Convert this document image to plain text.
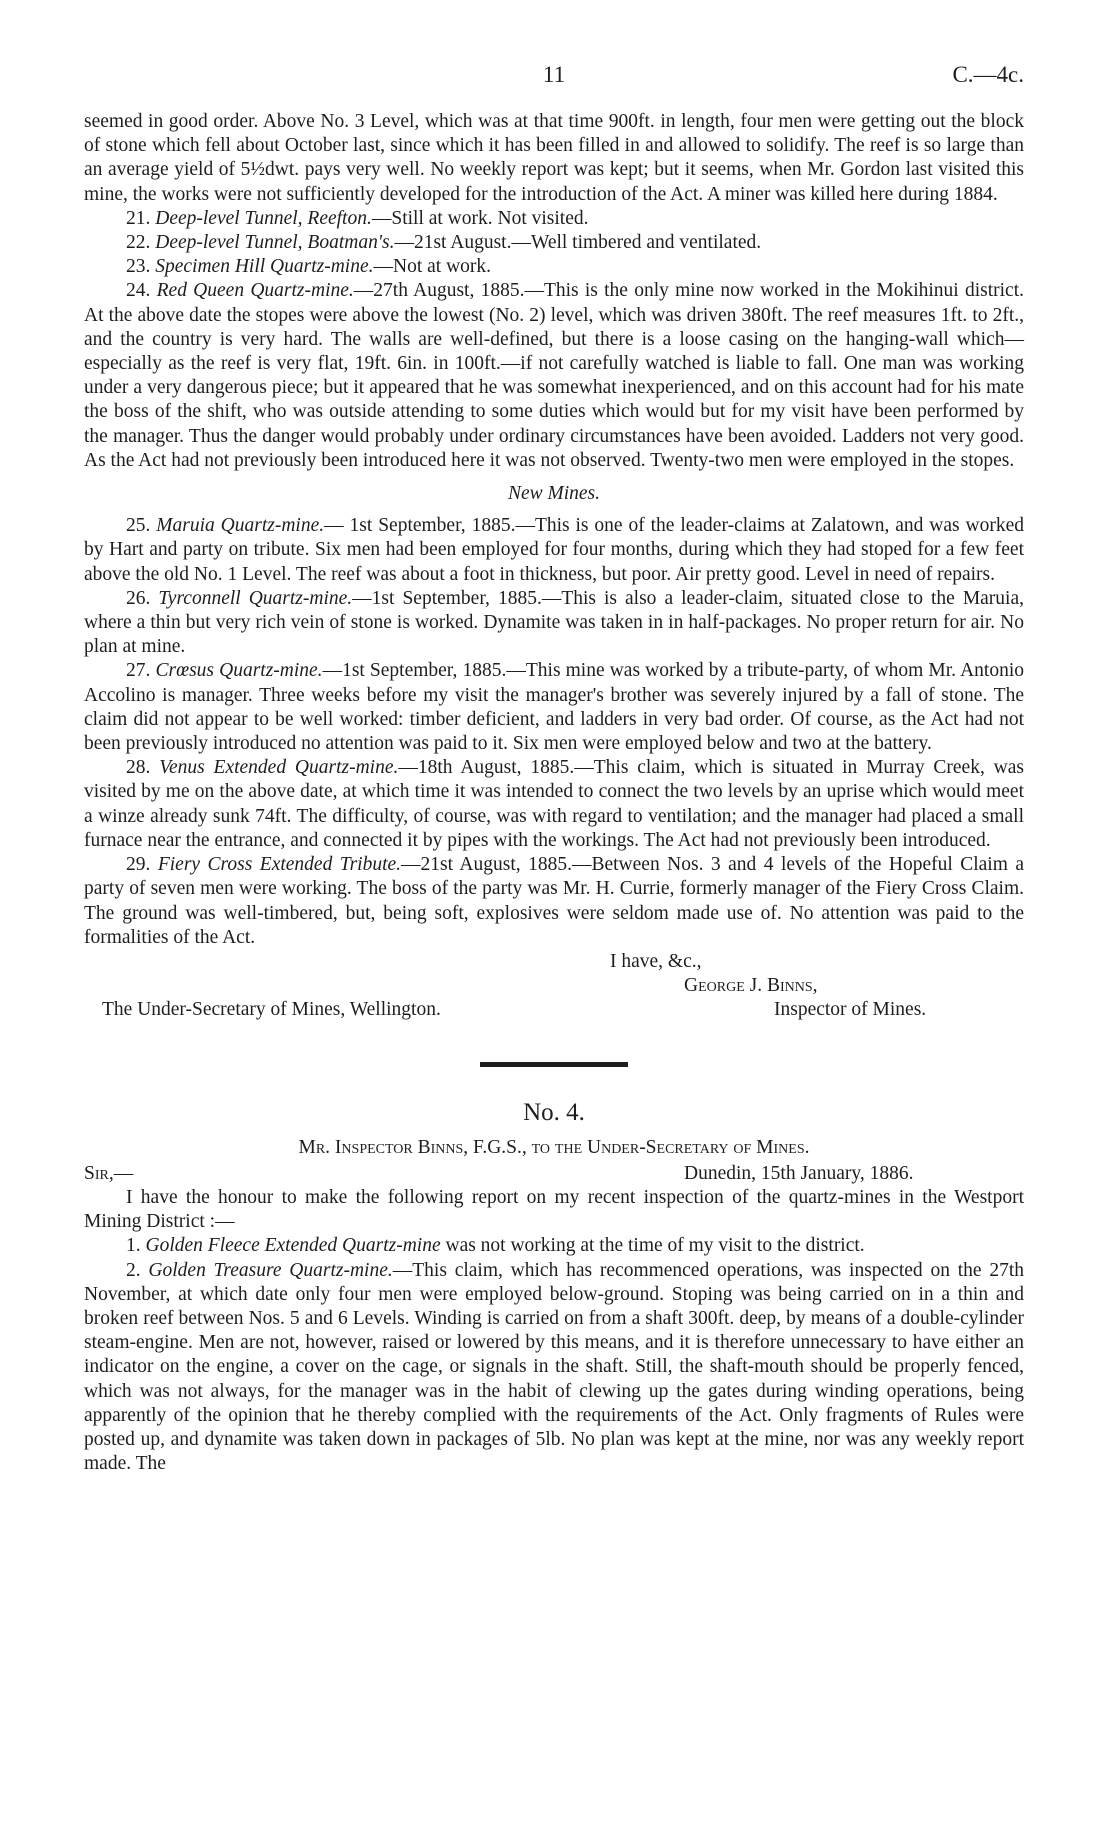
11	C.—4c.

seemed in good order. Above No. 3 Level, which was at that time 900ft. in length, four men were getting out the block of stone which fell about October last, since which it has been filled in and allowed to solidify. The reef is so large than an average yield of 5½dwt. pays very well. No weekly report was kept; but it seems, when Mr. Gordon last visited this mine, the works were not sufficiently developed for the introduction of the Act. A miner was killed here during 1884.

21. Deep-level Tunnel, Reefton.—Still at work. Not visited.

22. Deep-level Tunnel, Boatman's.—21st August.—Well timbered and ventilated.

23. Specimen Hill Quartz-mine.—Not at work.

24. Red Queen Quartz-mine.—27th August, 1885.—This is the only mine now worked in the Mokihinui district. At the above date the stopes were above the lowest (No. 2) level, which was driven 380ft. The reef measures 1ft. to 2ft., and the country is very hard. The walls are well-defined, but there is a loose casing on the hanging-wall which—especially as the reef is very flat, 19ft. 6in. in 100ft.—if not carefully watched is liable to fall. One man was working under a very dangerous piece; but it appeared that he was somewhat inexperienced, and on this account had for his mate the boss of the shift, who was outside attending to some duties which would but for my visit have been performed by the manager. Thus the danger would probably under ordinary circumstances have been avoided. Ladders not very good. As the Act had not previously been introduced here it was not observed. Twenty-two men were employed in the stopes.

New Mines.

25. Maruia Quartz-mine.— 1st September, 1885.—This is one of the leader-claims at Zalatown, and was worked by Hart and party on tribute. Six men had been employed for four months, during which they had stoped for a few feet above the old No. 1 Level. The reef was about a foot in thickness, but poor. Air pretty good. Level in need of repairs.

26. Tyrconnell Quartz-mine.—1st September, 1885.—This is also a leader-claim, situated close to the Maruia, where a thin but very rich vein of stone is worked. Dynamite was taken in in half-packages. No proper return for air. No plan at mine.

27. Crœsus Quartz-mine.—1st September, 1885.—This mine was worked by a tribute-party, of whom Mr. Antonio Accolino is manager. Three weeks before my visit the manager's brother was severely injured by a fall of stone. The claim did not appear to be well worked: timber deficient, and ladders in very bad order. Of course, as the Act had not been previously introduced no attention was paid to it. Six men were employed below and two at the battery.

28. Venus Extended Quartz-mine.—18th August, 1885.—This claim, which is situated in Murray Creek, was visited by me on the above date, at which time it was intended to connect the two levels by an uprise which would meet a winze already sunk 74ft. The difficulty, of course, was with regard to ventilation; and the manager had placed a small furnace near the entrance, and connected it by pipes with the workings. The Act had not previously been introduced.

29. Fiery Cross Extended Tribute.—21st August, 1885.—Between Nos. 3 and 4 levels of the Hopeful Claim a party of seven men were working. The boss of the party was Mr. H. Currie, formerly manager of the Fiery Cross Claim. The ground was well-timbered, but, being soft, explosives were seldom made use of. No attention was paid to the formalities of the Act.

I have, &c.,
George J. Binns,
The Under-Secretary of Mines, Wellington.	Inspector of Mines.

No. 4.

Mr. Inspector Binns, F.G.S., to the Under-Secretary of Mines.

Sir,—	Dunedin, 15th January, 1886.

I have the honour to make the following report on my recent inspection of the quartz-mines in the Westport Mining District :—

1. Golden Fleece Extended Quartz-mine was not working at the time of my visit to the district.

2. Golden Treasure Quartz-mine.—This claim, which has recommenced operations, was inspected on the 27th November, at which date only four men were employed below-ground. Stoping was being carried on in a thin and broken reef between Nos. 5 and 6 Levels. Winding is carried on from a shaft 300ft. deep, by means of a double-cylinder steam-engine. Men are not, however, raised or lowered by this means, and it is therefore unnecessary to have either an indicator on the engine, a cover on the cage, or signals in the shaft. Still, the shaft-mouth should be properly fenced, which was not always, for the manager was in the habit of clewing up the gates during winding operations, being apparently of the opinion that he thereby complied with the requirements of the Act. Only fragments of Rules were posted up, and dynamite was taken down in packages of 5lb. No plan was kept at the mine, nor was any weekly report made. The
